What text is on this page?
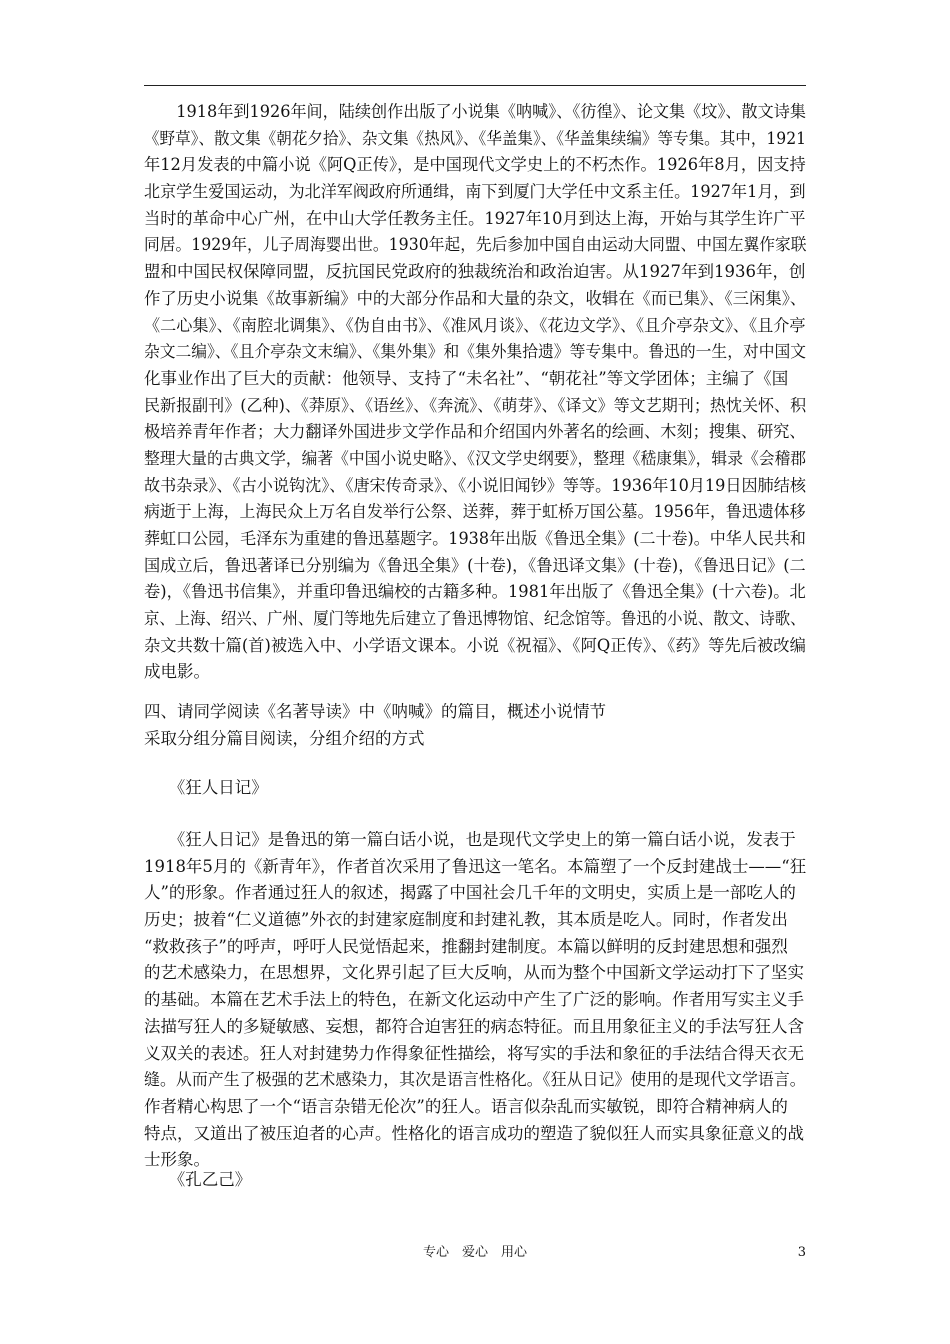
　　1918年到1926年间，陆续创作出版了小说集《呐喊》、《彷徨》、论文集《坟》、散文诗集
《野草》、散文集《朝花夕拾》、杂文集《热风》、《华盖集》、《华盖集续编》等专集。其中，1921
年12月发表的中篇小说《阿Q正传》，是中国现代文学史上的不朽杰作。1926年8月，因支持
北京学生爱国运动，为北洋军阀政府所通缉，南下到厦门大学任中文系主任。1927年1月，到
当时的革命中心广州，在中山大学任教务主任。1927年10月到达上海，开始与其学生许广平
同居。1929年，儿子周海婴出世。1930年起，先后参加中国自由运动大同盟、中国左翼作家联
盟和中国民权保障同盟，反抗国民党政府的独裁统治和政治迫害。从1927年到1936年，创
作了历史小说集《故事新编》中的大部分作品和大量的杂文，收辑在《而已集》、《三闲集》、
《二心集》、《南腔北调集》、《伪自由书》、《准风月谈》、《花边文学》、《且介亭杂文》、《且介亭
杂文二编》、《且介亭杂文末编》、《集外集》和《集外集拾遗》等专集中。鲁迅的一生，对中国文
化事业作出了巨大的贡献：他领导、支持了“未名社”、“朝花社”等文学团体；主编了《国
民新报副刊》(乙种)、《莽原》、《语丝》、《奔流》、《萌芽》、《译文》等文艺期刊；热忱关怀、积
极培养青年作者；大力翻译外国进步文学作品和介绍国内外著名的绘画、木刻；搜集、研究、
整理大量的古典文学，编著《中国小说史略》、《汉文学史纲要》，整理《嵇康集》，辑录《会稽郡
故书杂录》、《古小说钩沈》、《唐宋传奇录》、《小说旧闻钞》等等。1936年10月19日因肺结核
病逝于上海，上海民众上万名自发举行公祭、送葬，葬于虹桥万国公墓。1956年，鲁迅遗体移
葬虹口公园，毛泽东为重建的鲁迅墓题字。1938年出版《鲁迅全集》(二十卷)。中华人民共和
国成立后，鲁迅著译已分别编为《鲁迅全集》(十卷)，《鲁迅译文集》(十卷)，《鲁迅日记》(二
卷)，《鲁迅书信集》，并重印鲁迅编校的古籍多种。1981年出版了《鲁迅全集》(十六卷)。北
京、上海、绍兴、广州、厦门等地先后建立了鲁迅博物馆、纪念馆等。鲁迅的小说、散文、诗歌、
杂文共数十篇(首)被选入中、小学语文课本。小说《祝福》、《阿Q正传》、《药》等先后被改编
成电影。
四、请同学阅读《名著导读》中《呐喊》的篇目，概述小说情节
采取分组分篇目阅读，分组介绍的方式
　　《狂人日记》
　　《狂人日记》是鲁迅的第一篇白话小说，也是现代文学史上的第一篇白话小说，发表于
1918年5月的《新青年》，作者首次采用了鲁迅这一笔名。本篇塑了一个反封建战士——“狂
人”的形象。作者通过狂人的叙述，揭露了中国社会几千年的文明史，实质上是一部吃人的
历史；披着“仁义道德”外衣的封建家庭制度和封建礼教，其本质是吃人。同时，作者发出
“救救孩子”的呼声，呼吁人民觉悟起来，推翻封建制度。本篇以鲜明的反封建思想和强烈
的艺术感染力，在思想界，文化界引起了巨大反响，从而为整个中国新文学运动打下了坚实
的基础。本篇在艺术手法上的特色，在新文化运动中产生了广泛的影响。作者用写实主义手
法描写狂人的多疑敏感、妄想，都符合迫害狂的病态特征。而且用象征主义的手法写狂人含
义双关的表述。狂人对封建势力作得象征性描绘，将写实的手法和象征的手法结合得天衣无
缝。从而产生了极强的艺术感染力，其次是语言性格化。《狂从日记》使用的是现代文学语言。
作者精心构思了一个“语言杂错无伦次”的狂人。语言似杂乱而实敏锐，即符合精神病人的
特点，又道出了被压迫者的心声。性格化的语言成功的塑造了貌似狂人而实具象征意义的战
士形象。
　　《孔乙己》
专心　爱心　用心	3
